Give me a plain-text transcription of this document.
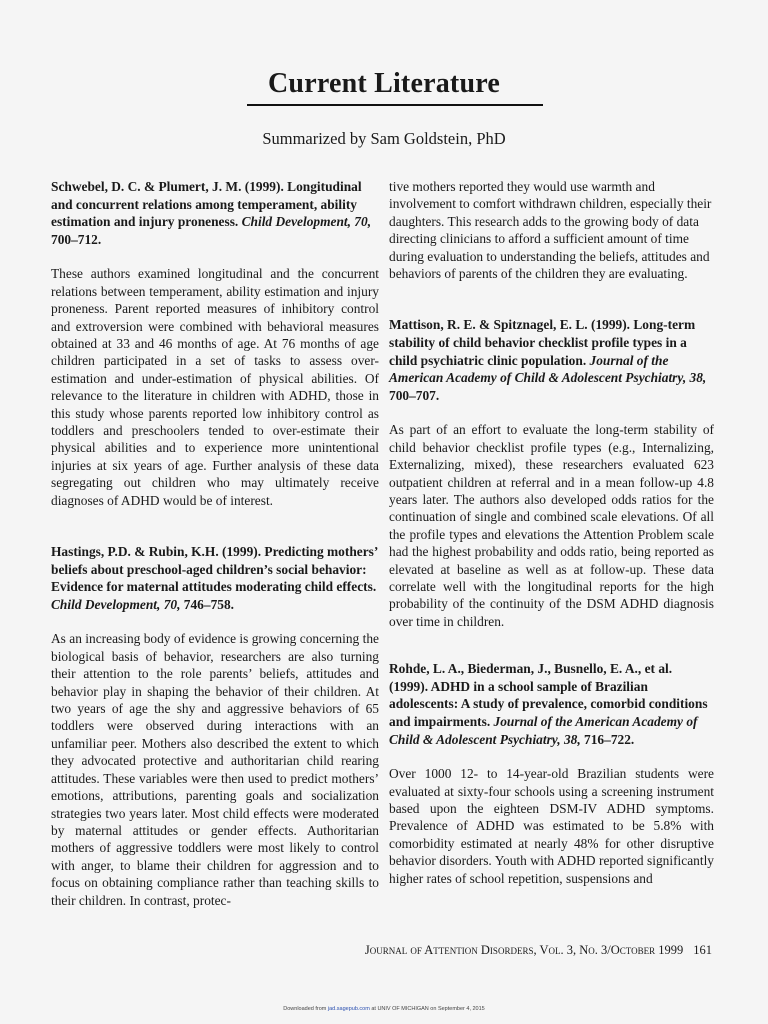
Current Literature
Summarized by Sam Goldstein, PhD

Schwebel, D. C. & Plumert, J. M. (1999). Longitudinal and concurrent relations among temperament, ability estimation and injury proneness. Child Development, 70, 700–712.

These authors examined longitudinal and the concurrent relations between temperament, ability estimation and injury proneness. Parent reported measures of inhibitory control and extroversion were combined with behavioral measures obtained at 33 and 46 months of age. At 76 months of age children participated in a set of tasks to assess over-estimation and under-estimation of physical abilities. Of relevance to the literature in children with ADHD, those in this study whose parents reported low inhibitory control as toddlers and preschoolers tended to over-estimate their physical abilities and to experience more unintentional injuries at six years of age. Further analysis of these data segregating out children who may ultimately receive diagnoses of ADHD would be of interest.

Hastings, P.D. & Rubin, K.H. (1999). Predicting mothers’ beliefs about preschool-aged children’s social behavior: Evidence for maternal attitudes moderating child effects. Child Development, 70, 746–758.

As an increasing body of evidence is growing concerning the biological basis of behavior, researchers are also turning their attention to the role parents’ beliefs, attitudes and behavior play in shaping the behavior of their children. At two years of age the shy and aggressive behaviors of 65 toddlers were observed during interactions with an unfamiliar peer. Mothers also described the extent to which they advocated protective and authoritarian child rearing attitudes. These variables were then used to predict mothers’ emotions, attributions, parenting goals and socialization strategies two years later. Most child effects were moderated by maternal attitudes or gender effects. Authoritarian mothers of aggressive toddlers were most likely to control with anger, to blame their children for aggression and to focus on obtaining compliance rather than teaching skills to their children. In contrast, protec-

tive mothers reported they would use warmth and involvement to comfort withdrawn children, especially their daughters. This research adds to the growing body of data directing clinicians to afford a sufficient amount of time during evaluation to understanding the beliefs, attitudes and behaviors of parents of the children they are evaluating.

Mattison, R. E. & Spitznagel, E. L. (1999). Long-term stability of child behavior checklist profile types in a child psychiatric clinic population. Journal of the American Academy of Child & Adolescent Psychiatry, 38, 700–707.

As part of an effort to evaluate the long-term stability of child behavior checklist profile types (e.g., Internalizing, Externalizing, mixed), these researchers evaluated 623 outpatient children at referral and in a mean follow-up 4.8 years later. The authors also developed odds ratios for the continuation of single and combined scale elevations. Of all the profile types and elevations the Attention Problem scale had the highest probability and odds ratio, being reported as elevated at baseline as well as at follow-up. These data correlate well with the longitudinal reports for the high probability of the continuity of the DSM ADHD diagnosis over time in children.

Rohde, L. A., Biederman, J., Busnello, E. A., et al. (1999). ADHD in a school sample of Brazilian adolescents: A study of prevalence, comorbid conditions and impairments. Journal of the American Academy of Child & Adolescent Psychiatry, 38, 716–722.

Over 1000 12- to 14-year-old Brazilian students were evaluated at sixty-four schools using a screening instrument based upon the eighteen DSM-IV ADHD symptoms. Prevalence of ADHD was estimated to be 5.8% with comorbidity estimated at nearly 48% for other disruptive behavior disorders. Youth with ADHD reported significantly higher rates of school repetition, suspensions and

Journal of Attention Disorders, Vol. 3, No. 3/October 1999 161
Downloaded from jad.sagepub.com at UNIV OF MICHIGAN on September 4, 2015
